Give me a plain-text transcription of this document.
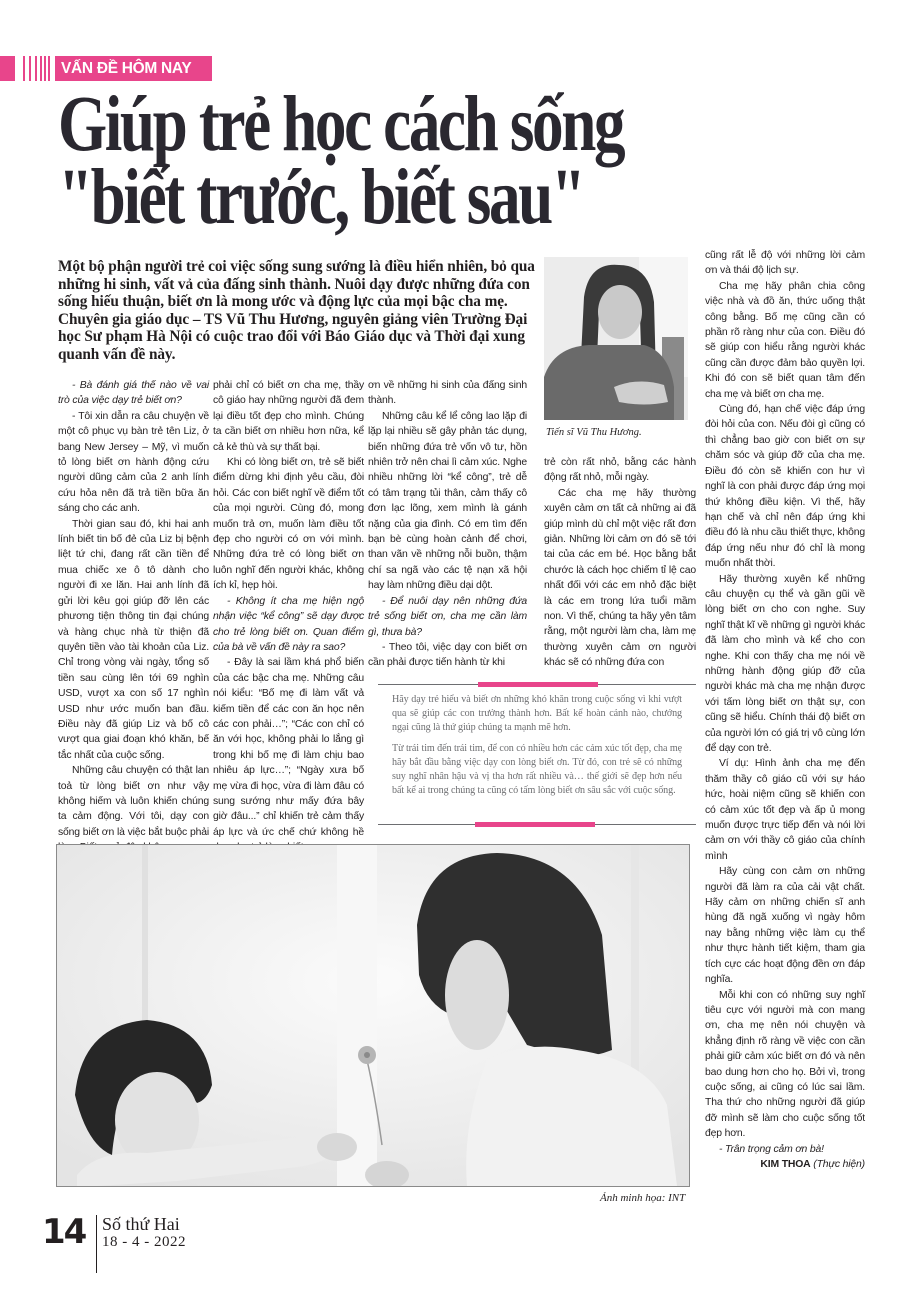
VẤN ĐỀ HÔM NAY
Giúp trẻ học cách sống
"biết trước, biết sau"
Một bộ phận người trẻ coi việc sống sung sướng là điều hiển nhiên, bỏ qua những hi sinh, vất vả của đấng sinh thành. Nuôi dạy được những đứa con sống hiếu thuận, biết ơn là mong ước và động lực của mọi bậc cha mẹ. Chuyên gia giáo dục – TS Vũ Thu Hương, nguyên giảng viên Trường Đại học Sư phạm Hà Nội có cuộc trao đổi với Báo Giáo dục và Thời đại xung quanh vấn đề này.
Tiến sĩ Vũ Thu Hương.

- Bà đánh giá thế nào về vai trò của việc dạy trẻ biết ơn?

- Tôi xin dẫn ra câu chuyện về một cô phục vụ bàn trẻ tên Liz, ở bang New Jersey – Mỹ, vì muốn tỏ lòng biết ơn hành động cứu người dũng cảm của 2 anh lính cứu hỏa nên đã trả tiền bữa ăn sáng cho các anh.

Thời gian sau đó, khi hai anh lính biết tin bố đẻ của Liz bị bệnh liệt tứ chi, đang rất cần tiền để mua chiếc xe ô tô dành cho người đi xe lăn. Hai anh lính đã gửi lời kêu gọi giúp đỡ lên các phương tiện thông tin đại chúng và hàng chục nhà từ thiện đã quyên tiền vào tài khoản của Liz. Chỉ trong vòng vài ngày, tổng số tiền sau cùng lên tới 69 nghìn USD, vượt xa con số 17 nghìn USD như ước muốn ban đầu. Điều này đã giúp Liz và bố cô vượt qua giai đoạn khó khăn, bế tắc nhất của cuộc sống.

Những câu chuyện có thật lan toả từ lòng biết ơn như vậy không hiếm và luôn khiến chúng ta cảm động. Với tôi, dạy con sống biết ơn là việc bắt buộc phải

phải chỉ có biết ơn cha mẹ, thầy cô giáo hay những người đã đem lại điều tốt đẹp cho mình. Chúng ta cần biết ơn nhiều hơn nữa, kể cả kẻ thù và sự thất bại.

Khi có lòng biết ơn, trẻ sẽ biết điểm dừng khi định yêu cầu, đòi hỏi. Các con biết nghĩ về điểm tốt của mọi người. Cùng đó, mong muốn trả ơn, muốn làm điều tốt đẹp cho người có ơn với mình. Những đứa trẻ có lòng biết ơn luôn nghĩ đến người khác, không ích kỉ, hẹp hòi.

- Không ít cha mẹ hiện ngộ nhận việc “kể công” sẽ dạy được cho trẻ lòng biết ơn. Quan điểm của bà về vấn đề này ra sao?

- Đây là sai lầm khá phổ biến của các bậc cha mẹ. Những câu nói kiểu: “Bố mẹ đi làm vất vả kiếm tiền để các con ăn học nên các con phải…”; “Các con chỉ có ăn với học, không phải lo lắng gì trong khi bố mẹ đi làm chịu bao nhiêu áp lực…”; “Ngày xưa bố mẹ vừa đi học, vừa đi làm đâu có sung sướng như mấy đứa bây giờ đâu...” chỉ khiến trẻ cảm thấy áp lực và ức chế chứ không hề

ơn về những hi sinh của đấng sinh thành.

Những câu kể lể công lao lặp đi lặp lại nhiều sẽ gây phản tác dụng, biến những đứa trẻ vốn vô tư, hồn nhiên trở nên chai lì cảm xúc. Nghe nhiều những lời “kể công”, trẻ dễ có tâm trạng tủi thân, cảm thấy cô đơn lạc lõng, xem mình là gánh nặng của gia đình. Có em tìm đến bạn bè cùng hoàn cảnh để chơi, than vãn về những nỗi buồn, thậm chí sa ngã vào các tệ nạn xã hội hay làm những điều dại dột.

- Để nuôi dạy nên những đứa trẻ sống biết ơn, cha mẹ cần làm gì, thưa bà?

- Theo tôi, việc dạy con biết ơn cần phải được tiến hành từ khi

trẻ còn rất nhỏ, bằng các hành động rất nhỏ, mỗi ngày.

Các cha mẹ hãy thường xuyên cảm ơn tất cả những ai đã giúp mình dù chỉ một việc rất đơn giản. Những lời cảm ơn đó sẽ tới tai của các em bé. Học bằng bắt chước là cách học chiếm tỉ lệ cao nhất đối với các em nhỏ đặc biệt là các em trong lứa tuổi mầm non. Vì thế, chúng ta hãy yên tâm rằng, một người làm cha, làm mẹ thường xuyên cảm ơn người khác sẽ có những đứa con

Hãy dạy trẻ hiểu và biết ơn những khó khăn trong cuộc sống vì khi vượt qua sẽ giúp các con trưởng thành hơn. Bất kể hoàn cảnh nào, chướng ngại cũng là thứ giúp chúng ta mạnh mẽ hơn.

Từ trái tim đến trái tim, để con có nhiều hơn các cảm xúc tốt đẹp, cha mẹ hãy bắt đầu bằng việc dạy con lòng biết ơn. Từ đó, con trẻ sẽ có những suy nghĩ nhân hậu và vị tha hơn rất nhiều và… thế giới sẽ đẹp hơn nếu bất kể ai trong chúng ta cũng có tấm lòng biết ơn sâu sắc với cuộc sống.

cũng rất lễ độ với những lời cảm ơn và thái độ lịch sự.

Cha mẹ hãy phân chia công việc nhà và đồ ăn, thức uống thật công bằng. Bố mẹ cũng cần có phần rõ ràng như của con. Điều đó sẽ giúp con hiểu rằng người khác cũng cần được đảm bảo quyền lợi. Khi đó con sẽ biết quan tâm đến cha mẹ và biết ơn cha mẹ.

Cùng đó, hạn chế việc đáp ứng đòi hỏi của con. Nếu đòi gì cũng có thì chẳng bao giờ con biết ơn sự chăm sóc và giúp đỡ của cha mẹ. Điều đó còn sẽ khiến con hư vì nghĩ là con phải được đáp ứng mọi thứ không điều kiện. Vì thế, hãy hạn chế và chỉ nên đáp ứng khi điều đó là nhu cầu thiết thực, không đáp ứng nếu như đó chỉ là mong muốn nhất thời.

Hãy thường xuyên kể những câu chuyện cụ thể và gần gũi về lòng biết ơn cho con nghe. Suy nghĩ thật kĩ về những gì người khác đã làm cho mình và kể cho con nghe. Khi con thấy cha mẹ nói về những hành động giúp đỡ của người khác mà cha mẹ nhận được với tấm lòng biết ơn thật sự, con cũng sẽ hiểu. Chính thái độ biết ơn của người lớn có giá trị vô cùng lớn để dạy con trẻ.

Ví dụ: Hình ảnh cha mẹ đến thăm thầy cô giáo cũ với sự háo hức, hoài niệm cũng sẽ khiến con có cảm xúc tốt đẹp và ấp ủ mong muốn được trực tiếp đến và nói lời cảm ơn với thầy cô giáo của chính mình

Hãy cùng con cảm ơn những người đã làm ra của cải vật chất. Hãy cảm ơn những chiến sĩ anh hùng đã ngã xuống vì ngày hôm nay bằng những việc làm cụ thể như thực hành tiết kiệm, tham gia tích cực các hoạt động đền ơn đáp nghĩa.

Mỗi khi con có những suy nghĩ tiêu cực với người mà con mang ơn, cha mẹ nên nói chuyện và khẳng định rõ ràng về việc con cần phải giữ cảm xúc biết ơn đó và nên bao dung hơn cho họ. Bởi vì, trong cuộc sống, ai cũng có lúc sai lầm. Tha thứ cho những người đã giúp đỡ mình sẽ làm cho cuộc sống tốt đẹp hơn.

- Trân trọng cảm ơn bà!

KIM THOA (Thực hiện)

Ảnh minh họa: INT
14 Số thứ Hai
18 - 4 - 2022
